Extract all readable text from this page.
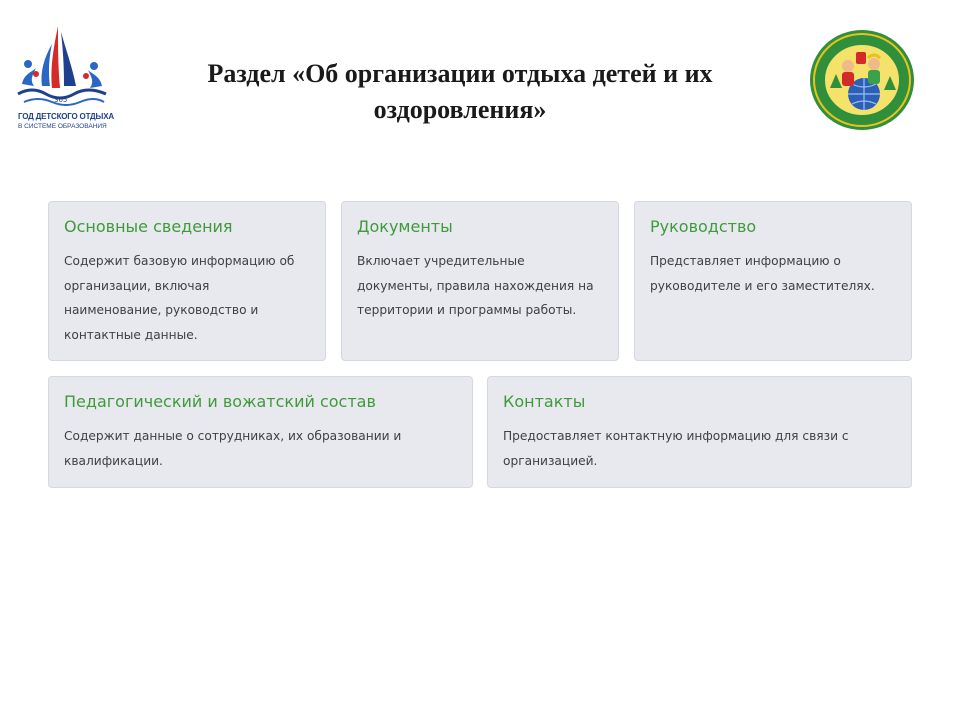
365
ГОД ДЕТСКОГО ОТДЫХА
В СИСТЕМЕ ОБРАЗОВАНИЯ
Раздел «Об организации отдыха детей и их оздоровления»
Основные сведения

Содержит базовую информацию об организации, включая наименование, руководство и контактные данные.

Документы

Включает учредительные документы, правила нахождения на территории и программы работы.

Руководство

Представляет информацию о руководителе и его заместителях.

Педагогический и вожатский состав

Содержит данные о сотрудниках, их образовании и квалификации.

Контакты

Предоставляет контактную информацию для связи с организацией.
